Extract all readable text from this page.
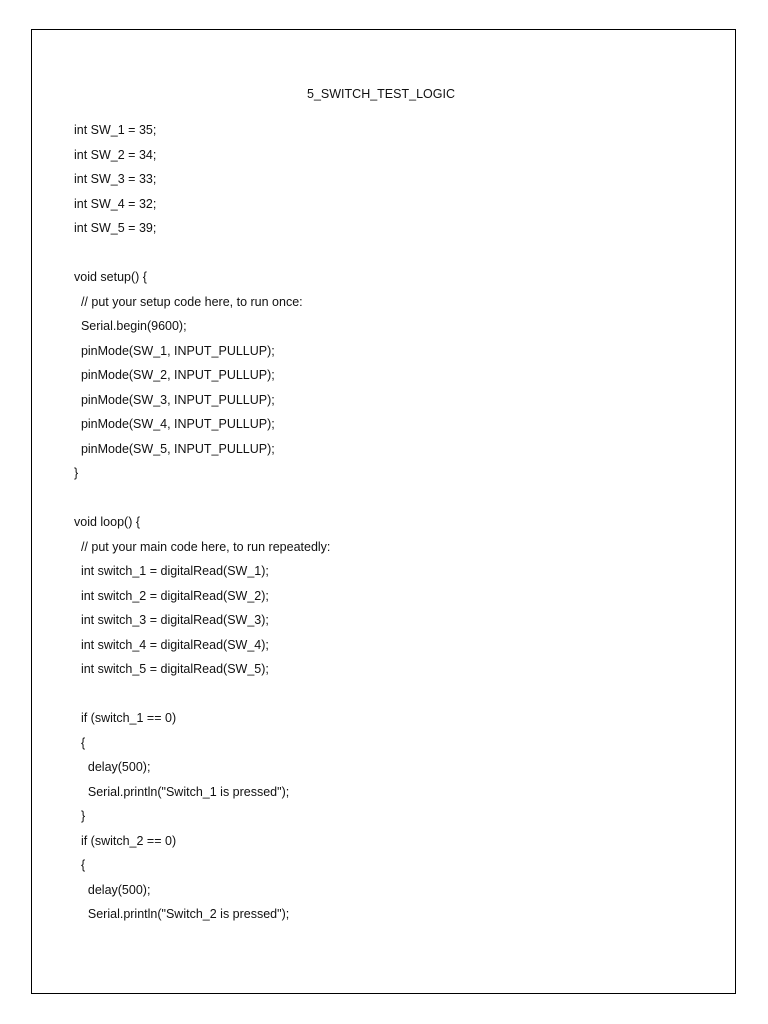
5_SWITCH_TEST_LOGIC
int SW_1 = 35;
int SW_2 = 34;
int SW_3 = 33;
int SW_4 = 32;
int SW_5 = 39;
void setup() {
// put your setup code here, to run once:
Serial.begin(9600);
pinMode(SW_1, INPUT_PULLUP);
pinMode(SW_2, INPUT_PULLUP);
pinMode(SW_3, INPUT_PULLUP);
pinMode(SW_4, INPUT_PULLUP);
pinMode(SW_5, INPUT_PULLUP);
}
void loop() {
// put your main code here, to run repeatedly:
int switch_1 = digitalRead(SW_1);
int switch_2 = digitalRead(SW_2);
int switch_3 = digitalRead(SW_3);
int switch_4 = digitalRead(SW_4);
int switch_5 = digitalRead(SW_5);
if (switch_1 == 0)
{
delay(500);
Serial.println("Switch_1 is pressed");
}
if (switch_2 == 0)
{
delay(500);
Serial.println("Switch_2 is pressed");
